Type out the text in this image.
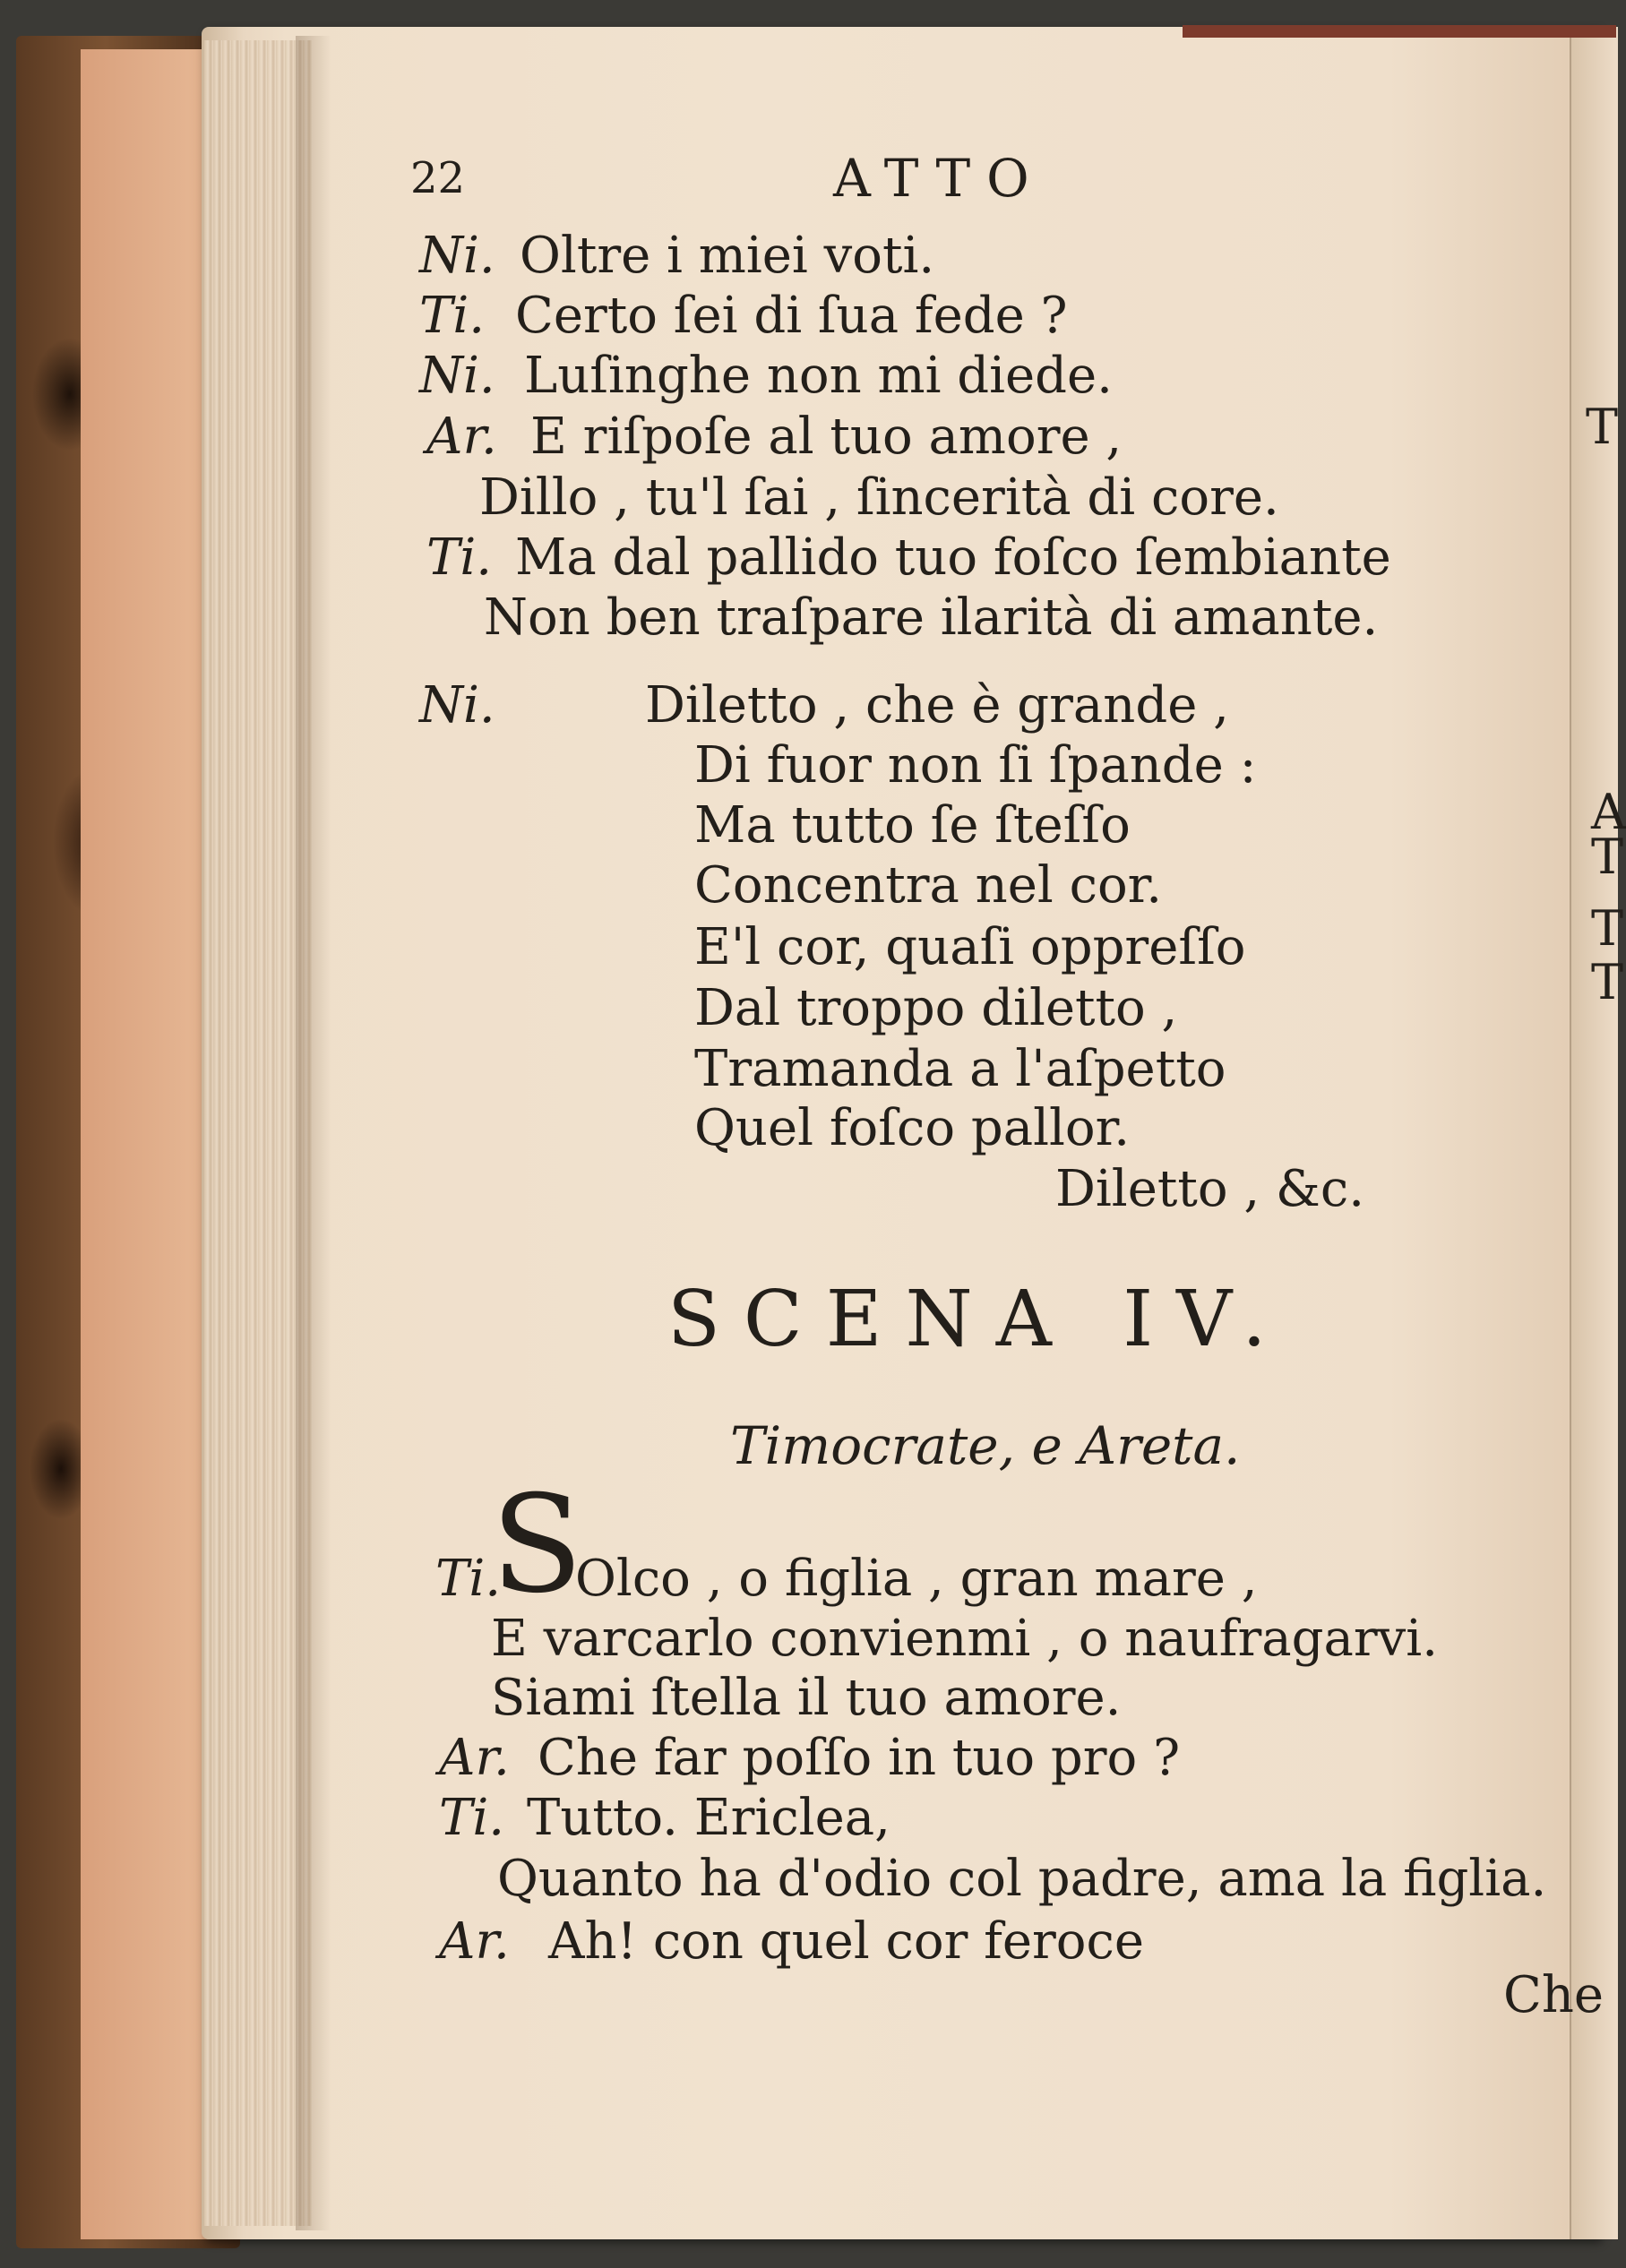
22	ATTO
Ni. Oltre i miei voti.
Ti. Certo ſei di ſua fede ?
Ni. Luſinghe non mi diede.
Ar. E riſpoſe al tuo amore ,
Dillo , tu'l ſai , ſincerità di core.
Ti. Ma dal pallido tuo foſco ſembiante
Non ben traſpare ilarità di amante.
Ni.	Diletto , che è grande ,
Di fuor non ſi ſpande :
Ma tutto ſe ſteſſo
Concentra nel cor.
E'l cor, quaſi oppreſſo
Dal troppo diletto ,
Tramanda a l'aſpetto
Quel foſco pallor.
Diletto , &c.
SCENA IV.
Timocrate, e Areta.
Ti.
S
Olco , o figlia , gran mare ,
E varcarlo convienmi , o naufragarvi.
Siami ſtella il tuo amore.
Ar. Che far poſſo in tuo pro ?
Ti. Tutto. Ericlea,
Quanto ha d'odio col padre, ama la figlia.
Ar. Ah! con quel cor feroce
Che
T
A
T
T
T
